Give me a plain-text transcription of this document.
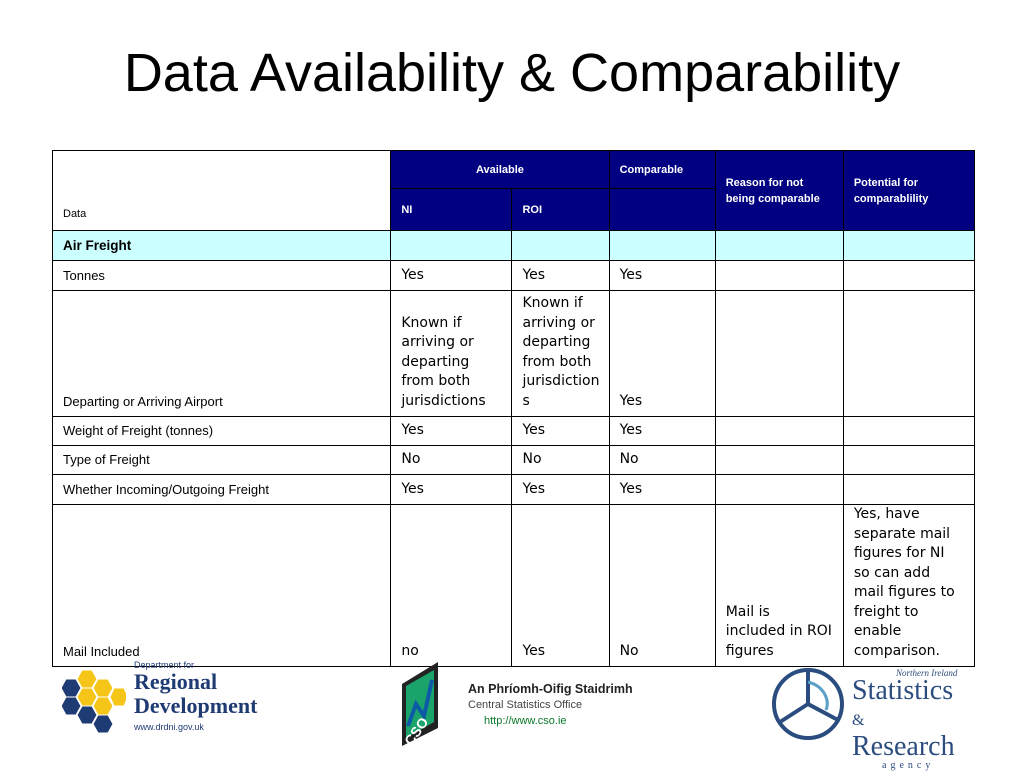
Data Availability & Comparability
Data	Available		Comparable	Reason for not being comparable	Potential for comparablility
	NI	ROI			
Air Freight					
Tonnes	Yes	Yes	Yes		
Departing or Arriving Airport	Known if arriving or departing from both jurisdictions	Known if arriving or departing from both jurisdiction s	Yes		
Weight of Freight (tonnes)	Yes	Yes	Yes		
Type of Freight	No	No	No		
Whether Incoming/Outgoing Freight	Yes	Yes	Yes		
Mail Included	no	Yes	No	Mail is included in ROI figures	Yes, have separate mail figures for NI so can add mail figures to freight to enable comparison.
Department for
Regional
Development
www.drdni.gov.uk	CSO
An Phríomh-Oifig Staidrimh
Central Statistics Office
http://www.cso.ie
Northern Ireland
Statistics &
Research
agency
